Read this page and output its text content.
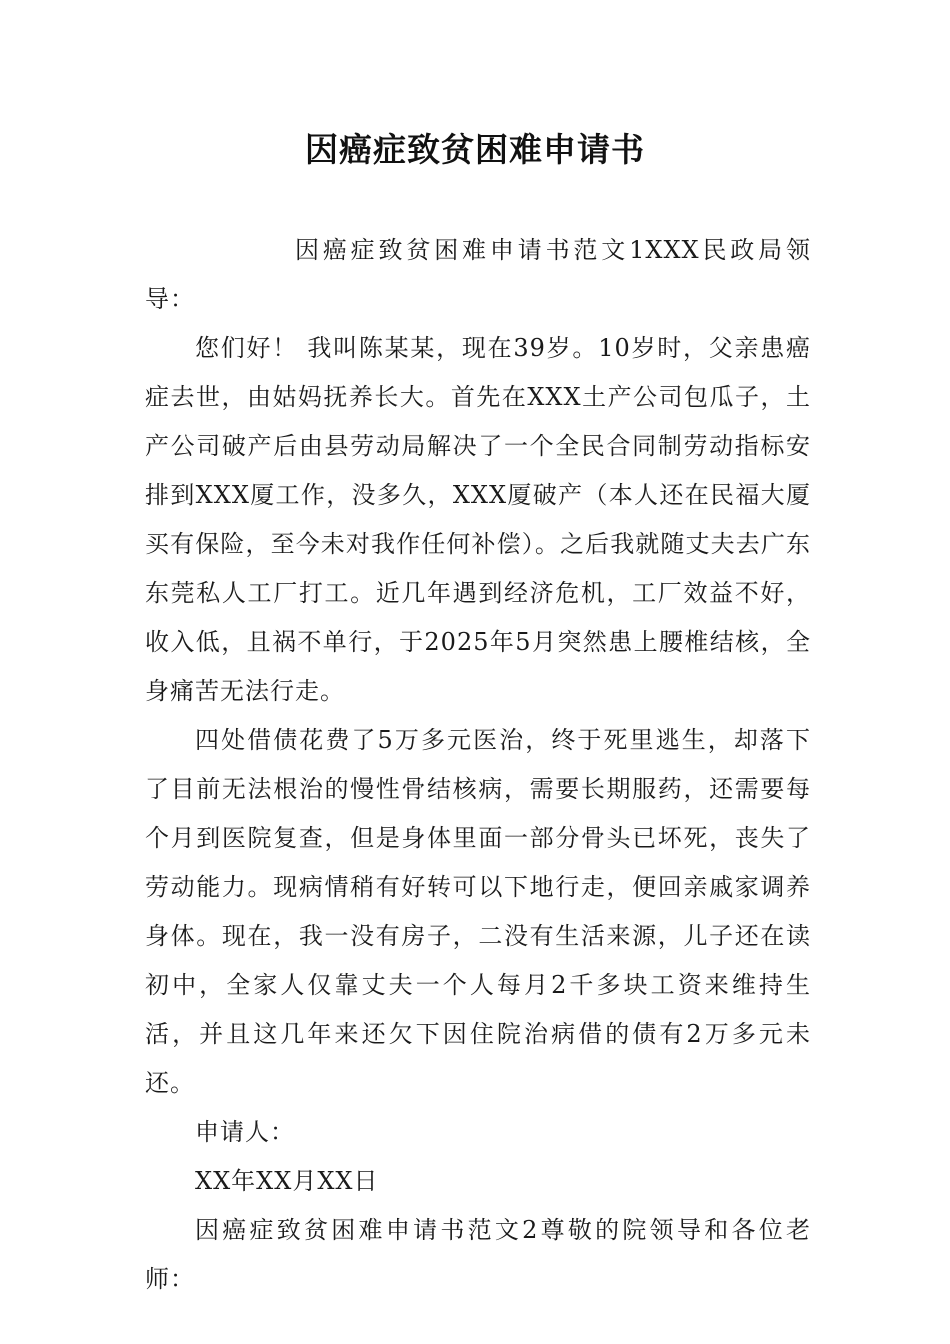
因癌症致贫困难申请书

因癌症致贫困难申请书范文1XXX民政局领导：

您们好！ 我叫陈某某，现在39岁。10岁时，父亲患癌症去世，由姑妈抚养长大。首先在XXX土产公司包瓜子，土产公司破产后由县劳动局解决了一个全民合同制劳动指标安排到XXX厦工作，没多久，XXX厦破产（本人还在民福大厦买有保险，至今未对我作任何补偿）。之后我就随丈夫去广东东莞私人工厂打工。近几年遇到经济危机，工厂效益不好，收入低，且祸不单行，于2025年5月突然患上腰椎结核，全身痛苦无法行走。

四处借债花费了5万多元医治，终于死里逃生，却落下了目前无法根治的慢性骨结核病，需要长期服药，还需要每个月到医院复查，但是身体里面一部分骨头已坏死，丧失了劳动能力。现病情稍有好转可以下地行走，便回亲戚家调养身体。现在，我一没有房子，二没有生活来源，儿子还在读初中，全家人仅靠丈夫一个人每月2千多块工资来维持生活，并且这几年来还欠下因住院治病借的债有2万多元未还。

申请人：

XX年XX月XX日

因癌症致贫困难申请书范文2尊敬的院领导和各位老师：
